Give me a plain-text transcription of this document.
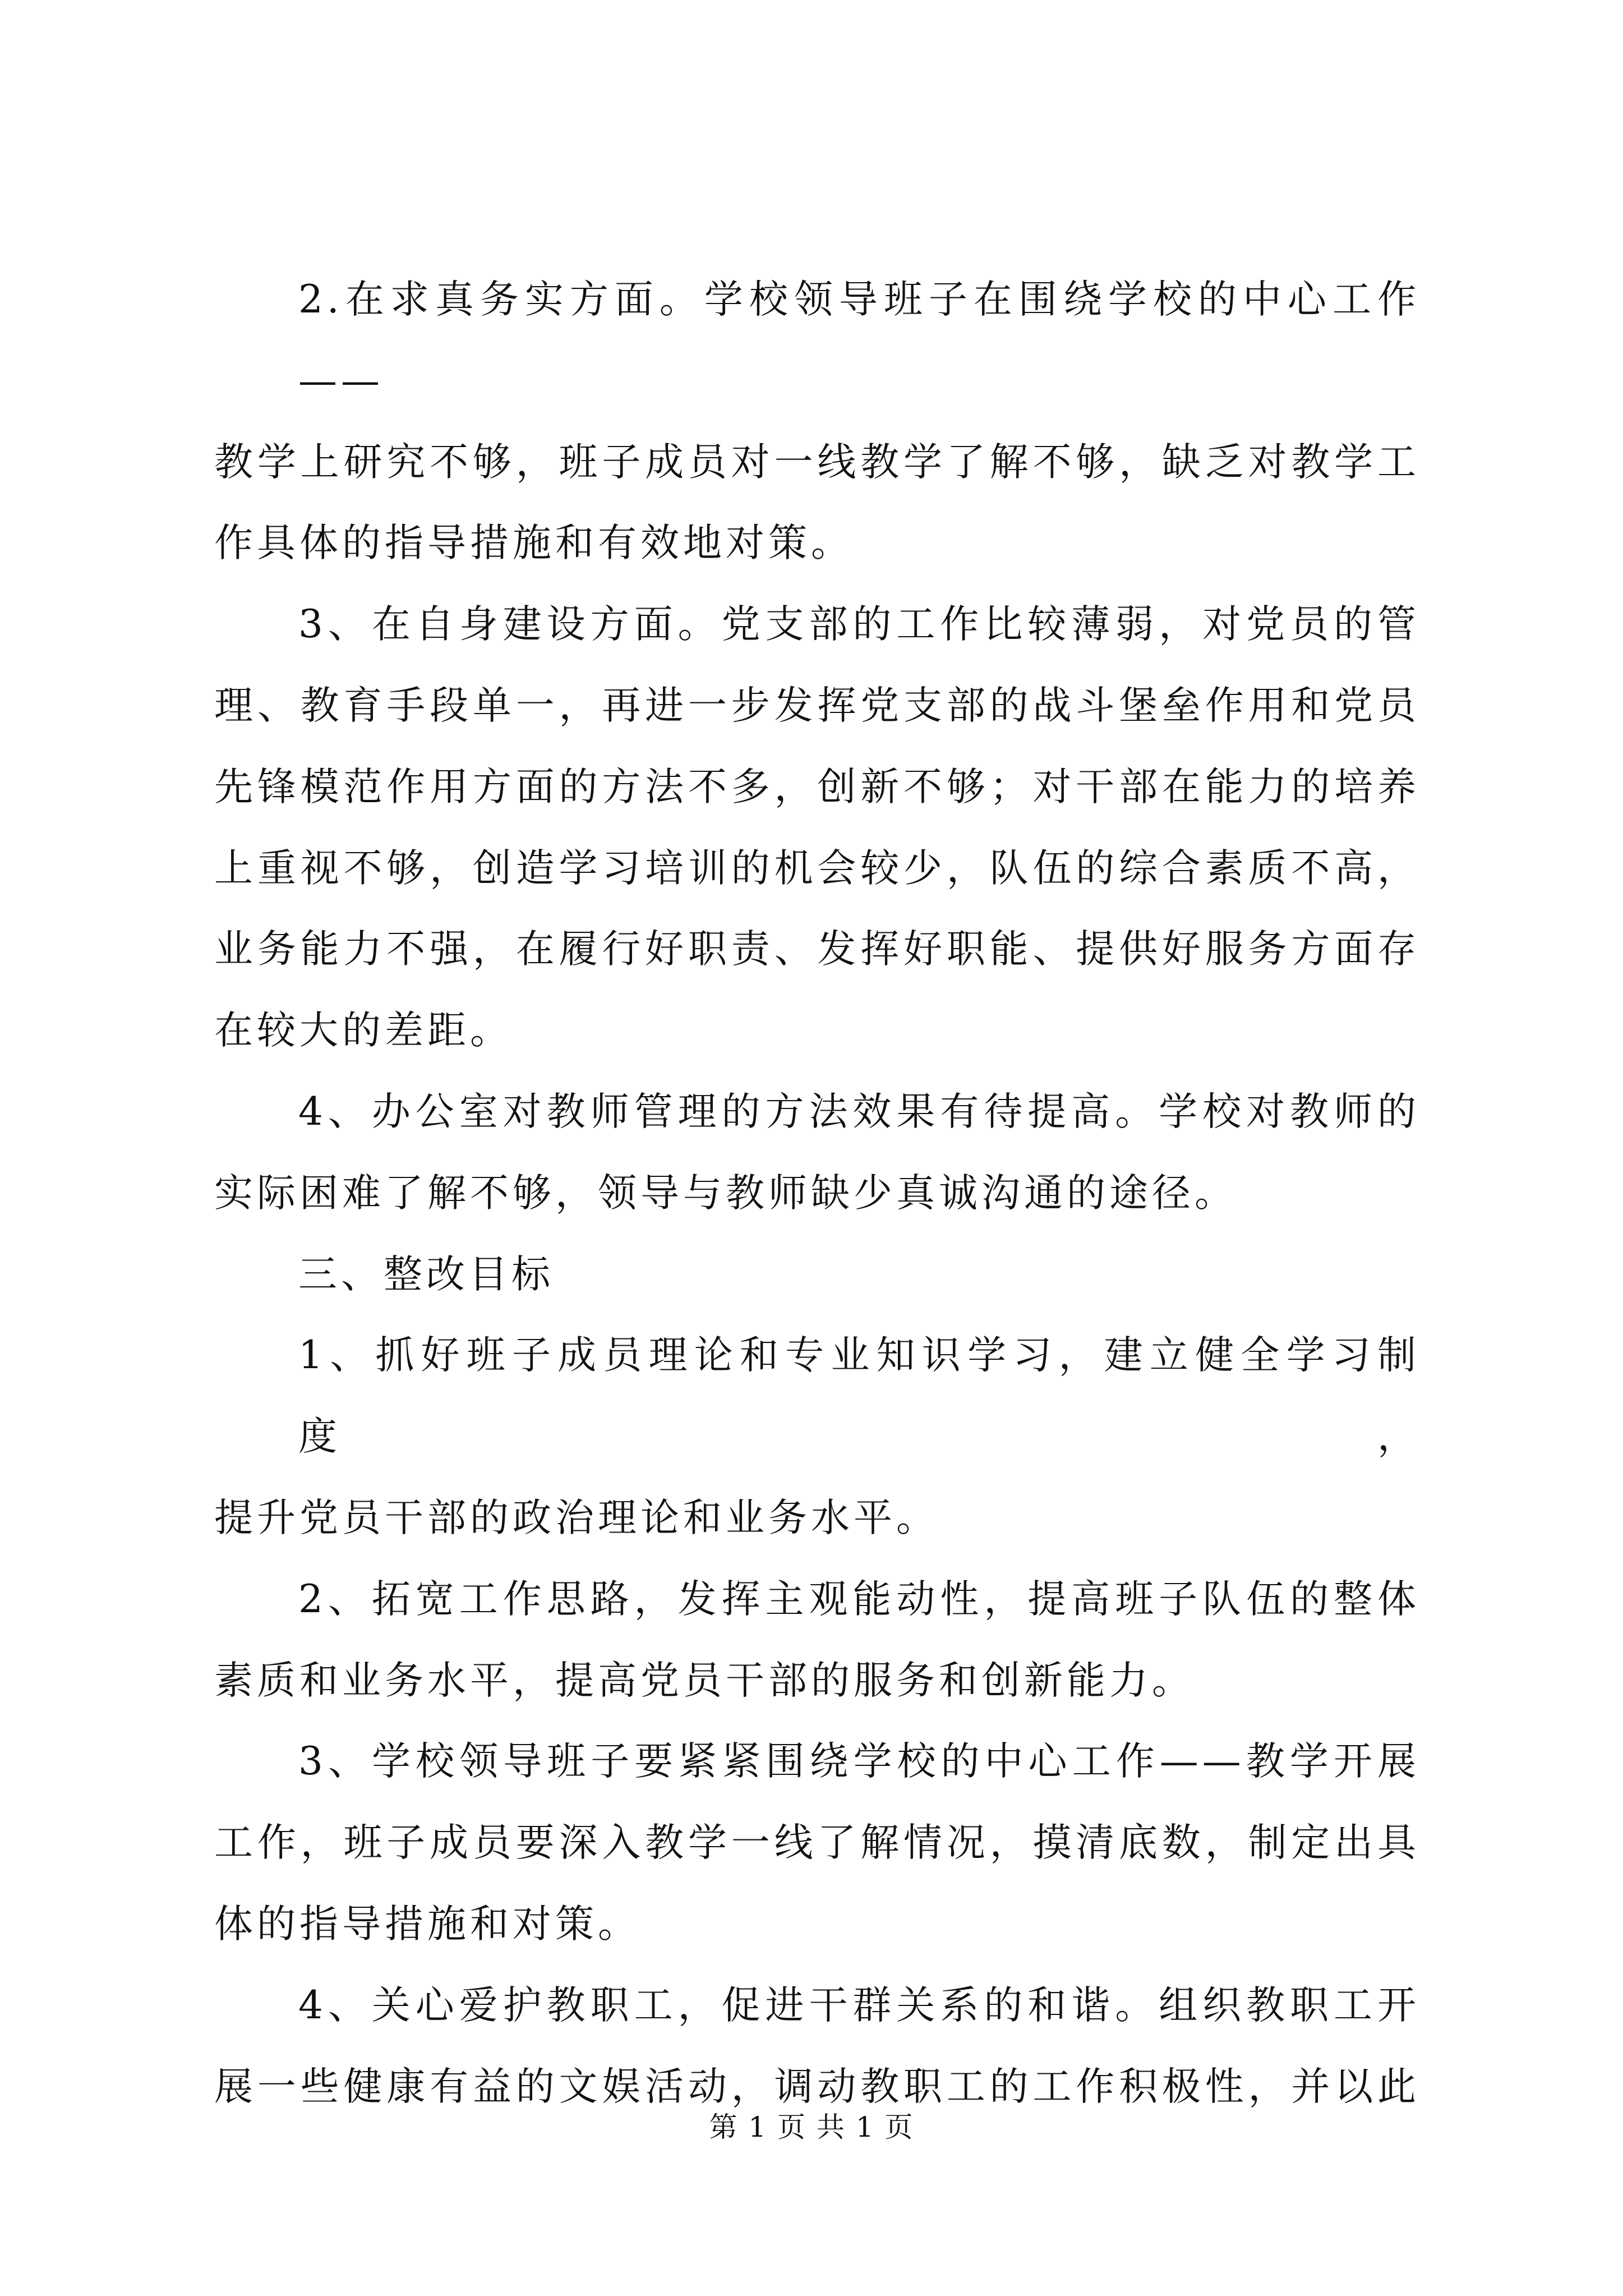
2.在求真务实方面。学校领导班子在围绕学校的中心工作——
教学上研究不够，班子成员对一线教学了解不够，缺乏对教学工
作具体的指导措施和有效地对策。
3、在自身建设方面。党支部的工作比较薄弱，对党员的管
理、教育手段单一，再进一步发挥党支部的战斗堡垒作用和党员
先锋模范作用方面的方法不多，创新不够；对干部在能力的培养
上重视不够，创造学习培训的机会较少，队伍的综合素质不高，
业务能力不强，在履行好职责、发挥好职能、提供好服务方面存
在较大的差距。
4、办公室对教师管理的方法效果有待提高。学校对教师的
实际困难了解不够，领导与教师缺少真诚沟通的途径。
三、整改目标
1、抓好班子成员理论和专业知识学习，建立健全学习制度，
提升党员干部的政治理论和业务水平。
2、拓宽工作思路，发挥主观能动性，提高班子队伍的整体
素质和业务水平，提高党员干部的服务和创新能力。
3、学校领导班子要紧紧围绕学校的中心工作——教学开展
工作，班子成员要深入教学一线了解情况，摸清底数，制定出具
体的指导措施和对策。
4、关心爱护教职工，促进干群关系的和谐。组织教职工开
展一些健康有益的文娱活动，调动教职工的工作积极性，并以此
第 1 页 共 1 页
